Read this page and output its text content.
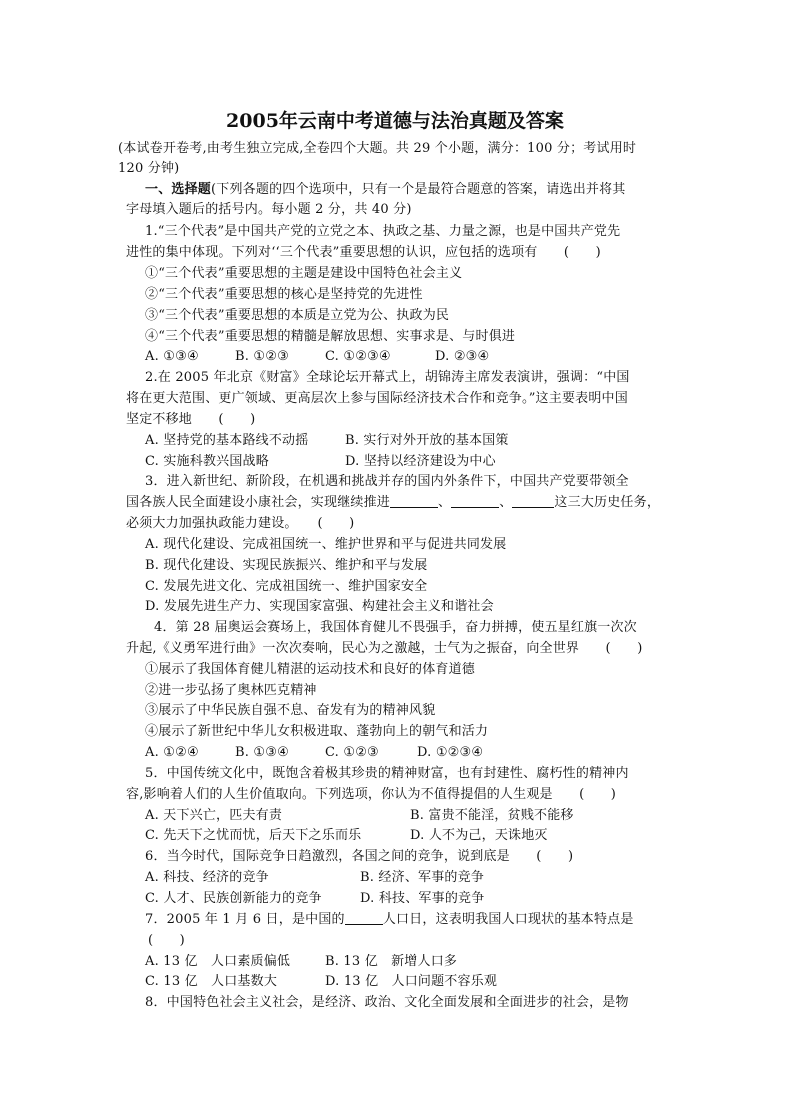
2005年云南中考道德与法治真题及答案
(本试卷开卷考,由考生独立完成,全卷四个大题。共 29 个小题，满分：100 分；考试用时
120 分钟)
一、选择题(下列各题的四个选项中，只有一个是最符合题意的答案，请选出并将其
字母填入题后的括号内。每小题 2 分，共 40 分)
1.“三个代表”是中国共产党的立党之本、执政之基、力量之源，也是中国共产党先
进性的集中体现。下列对‘‘三个代表”重要思想的认识，应包括的选项有　　(　　)
①“三个代表”重要思想的主题是建设中国特色社会主义
②“三个代表”重要思想的核心是坚持党的先进性
③“三个代表”重要思想的本质是立党为公、执政为民
④“三个代表”重要思想的精髓是解放思想、实事求是、与时俱进
A. ①③④	B. ①②③	C. ①②③④	D. ②③④
2.在 2005 年北京《财富》全球论坛开幕式上，胡锦涛主席发表演讲，强调：“中国
将在更大范围、更广领域、更高层次上参与国际经济技术合作和竞争。”这主要表明中国
坚定不移地　　(　　)
A. 坚持党的基本路线不动摇	B. 实行对外开放的基本国策
C. 实施科教兴国战略	D. 坚持以经济建设为中心
3．进入新世纪、新阶段，在机遇和挑战并存的国内外条件下，中国共产党要带领全
国各族人民全面建设小康社会，实现继续推进	、	、	这三大历史任务，
必须大力加强执政能力建设。　　(　　)
A. 现代化建设、完成祖国统一、维护世界和平与促进共同发展
B. 现代化建设、实现民族振兴、维护和平与发展
C. 发展先进文化、完成祖国统一、维护国家安全
D. 发展先进生产力、实现国家富强、构建社会主义和谐社会
4．第 28 届奥运会赛场上，我国体育健儿不畏强手，奋力拼搏，使五星红旗一次次
升起,《义勇军进行曲》一次次奏响，民心为之激越，士气为之振奋，向全世界　　(　　)
①展示了我国体育健儿精湛的运动技术和良好的体育道德
②进一步弘扬了奥林匹克精神
③展示了中华民族自强不息、奋发有为的精神风貌
④展示了新世纪中华儿女积极进取、蓬勃向上的朝气和活力
A. ①②④	B. ①③④	C. ①②③	D. ①②③④
5．中国传统文化中，既饱含着极其珍贵的精神财富，也有封建性、腐朽性的精神内
容,影响着人们的人生价值取向。下列选项，你认为不值得提倡的人生观是　　(　　)
A. 天下兴亡，匹夫有责	B. 富贵不能淫，贫贱不能移
C. 先天下之忧而忧，后天下之乐而乐	D. 人不为己，天诛地灭
6．当今时代，国际竞争日趋激烈，各国之间的竞争，说到底是　　(　　)
A. 科技、经济的竞争	B. 经济、军事的竞争
C. 人才、民族创新能力的竞争	D. 科技、军事的竞争
7．2005 年 1 月 6 日，是中国的	人口日，这表明我国人口现状的基本特点是
(　　)
A. 13 亿　人口素质偏低	B. 13 亿　新增人口多
C. 13 亿　人口基数大	D. 13 亿　人口问题不容乐观
8．中国特色社会主义社会，是经济、政治、文化全面发展和全面进步的社会，是物
